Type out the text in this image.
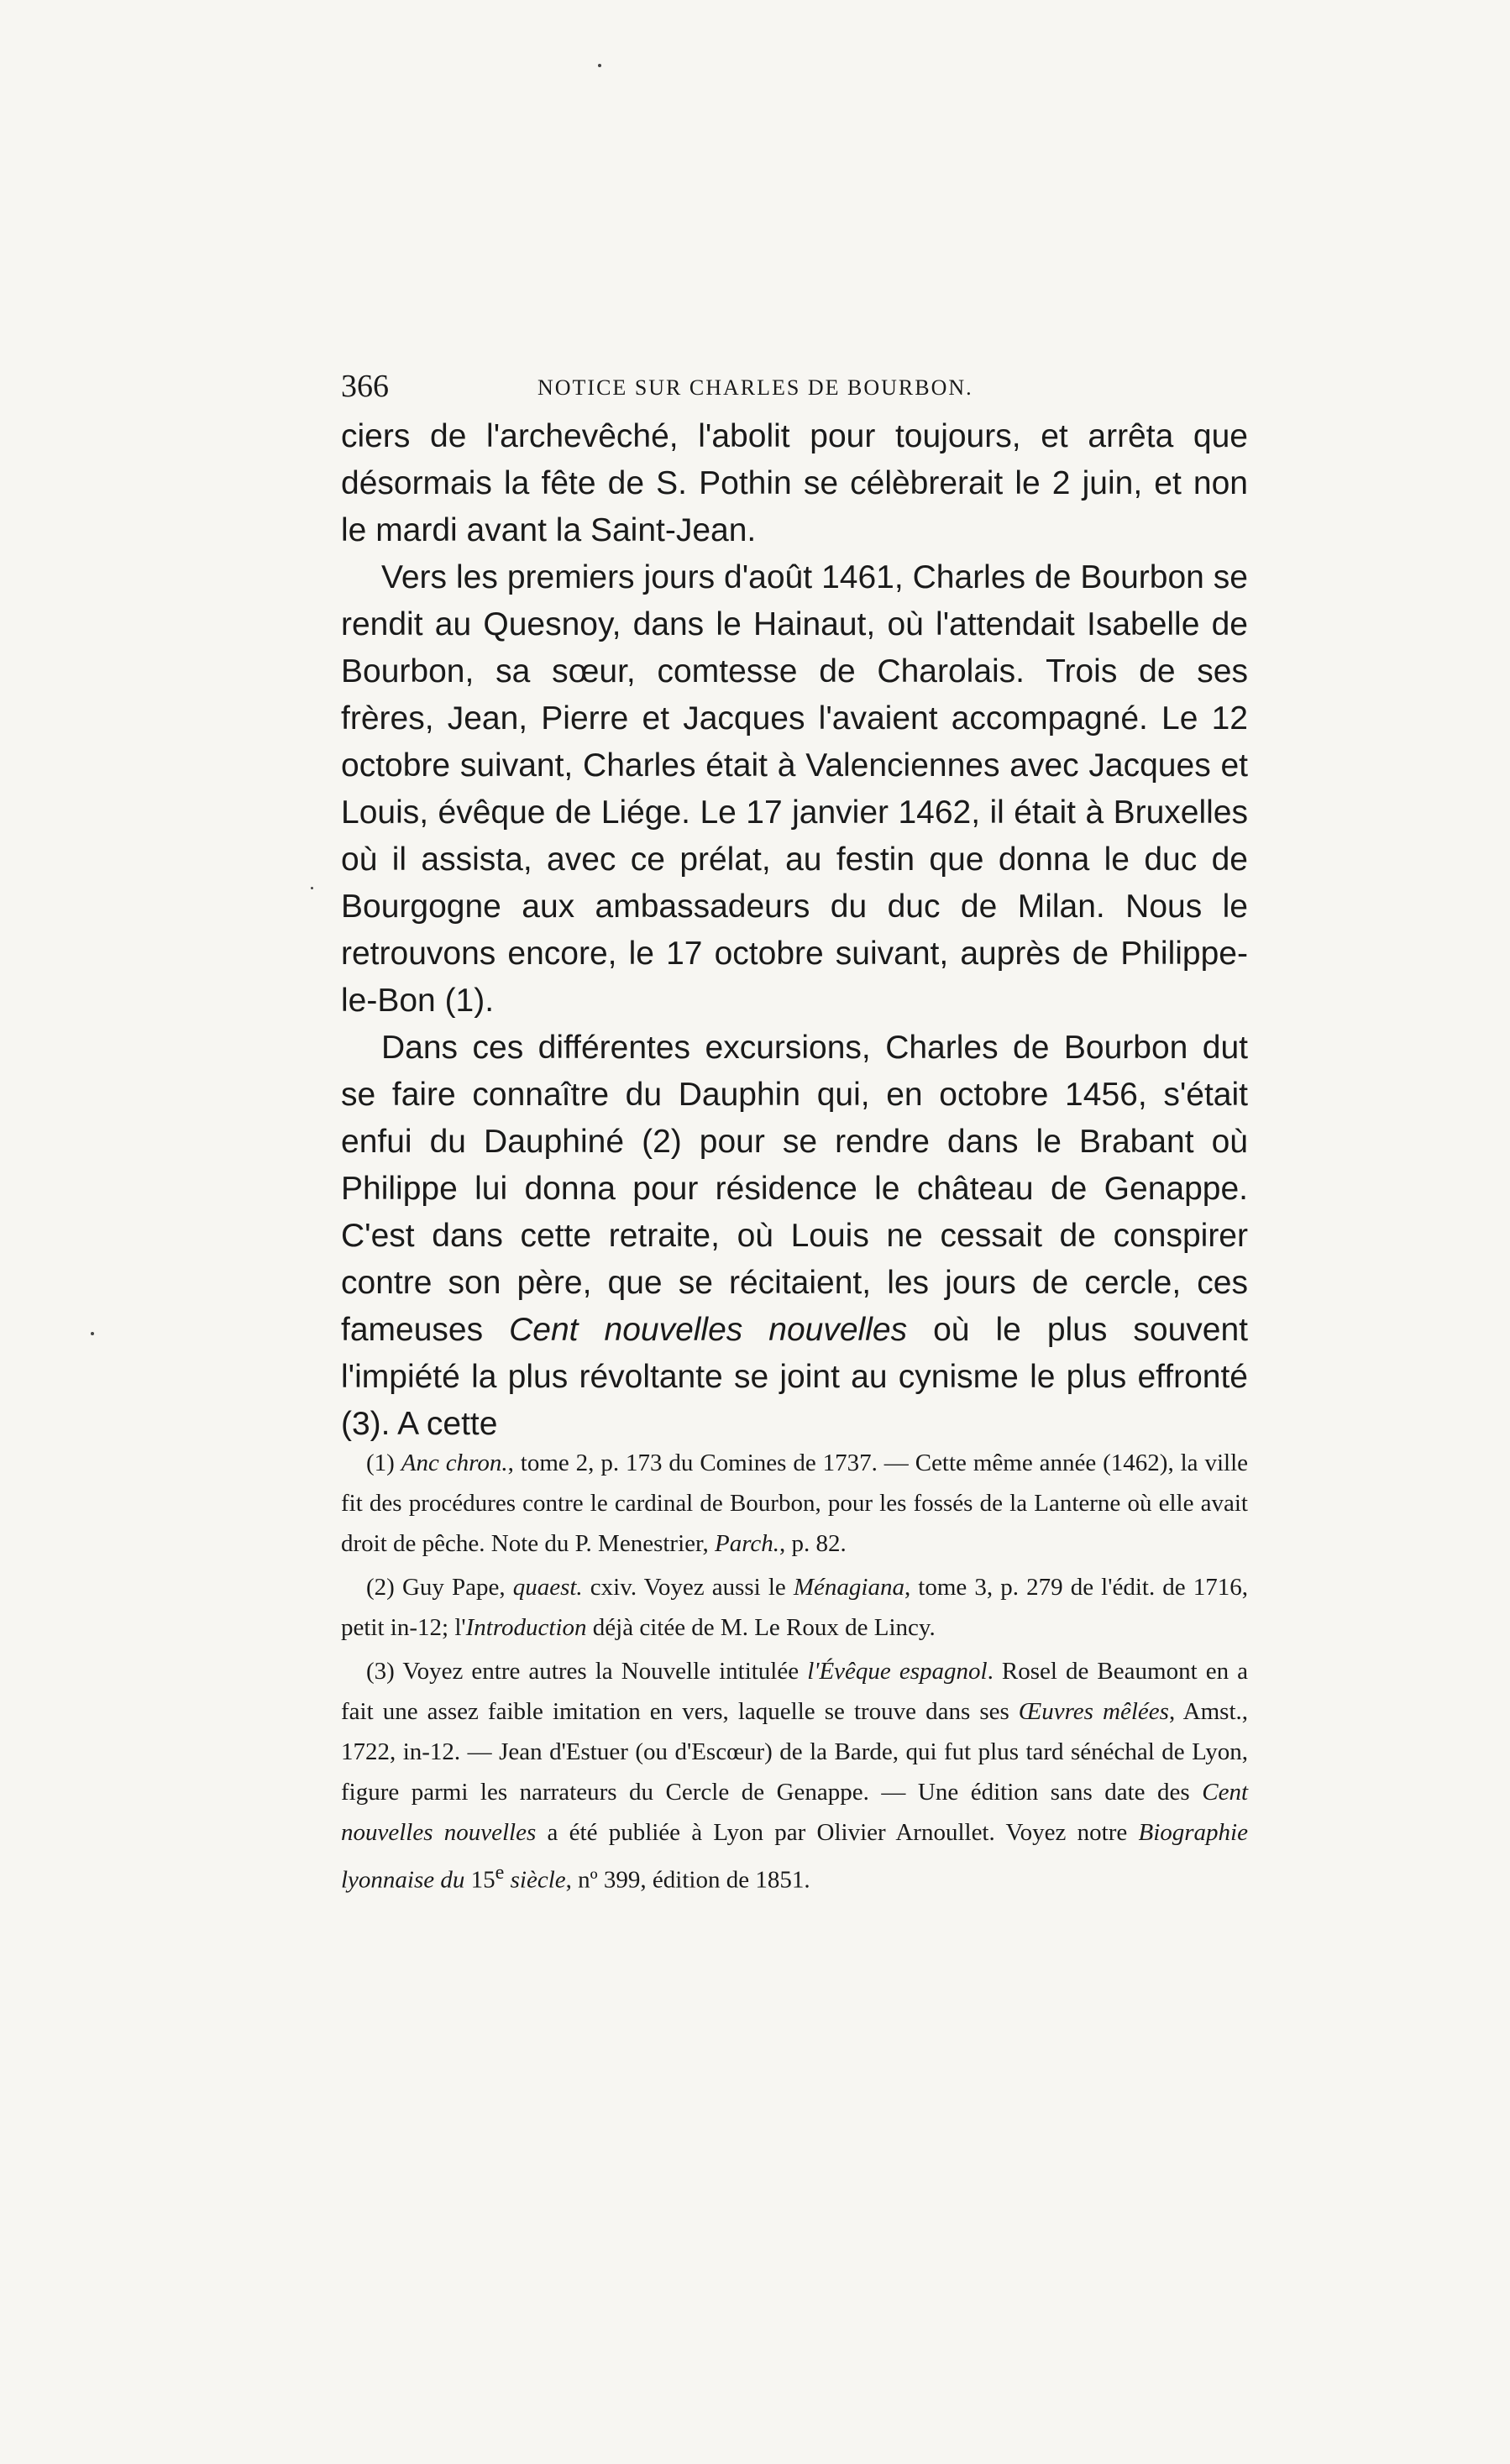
366	NOTICE SUR CHARLES DE BOURBON.

ciers de l'archevêché, l'abolit pour toujours, et arrêta que désormais la fête de S. Pothin se célèbrerait le 2 juin, et non le mardi avant la Saint-Jean.

Vers les premiers jours d'août 1461, Charles de Bourbon se rendit au Quesnoy, dans le Hainaut, où l'attendait Isabelle de Bourbon, sa sœur, comtesse de Charolais. Trois de ses frères, Jean, Pierre et Jacques l'avaient accompagné. Le 12 octobre suivant, Charles était à Valenciennes avec Jacques et Louis, évêque de Liége. Le 17 janvier 1462, il était à Bruxelles où il assista, avec ce prélat, au festin que donna le duc de Bourgogne aux ambassadeurs du duc de Milan. Nous le retrouvons encore, le 17 octobre suivant, auprès de Philippe-le-Bon (1).

Dans ces différentes excursions, Charles de Bourbon dut se faire connaître du Dauphin qui, en octobre 1456, s'était enfui du Dauphiné (2) pour se rendre dans le Brabant où Philippe lui donna pour résidence le château de Genappe. C'est dans cette retraite, où Louis ne cessait de conspirer contre son père, que se récitaient, les jours de cercle, ces fameuses Cent nouvelles nouvelles où le plus souvent l'impiété la plus révoltante se joint au cynisme le plus effronté (3). A cette

(1) Anc chron., tome 2, p. 173 du Comines de 1737. — Cette même année (1462), la ville fit des procédures contre le cardinal de Bourbon, pour les fossés de la Lanterne où elle avait droit de pêche. Note du P. Menestrier, Parch., p. 82.

(2) Guy Pape, quaest. cxiv. Voyez aussi le Ménagiana, tome 3, p. 279 de l'édit. de 1716, petit in-12; l'Introduction déjà citée de M. Le Roux de Lincy.

(3) Voyez entre autres la Nouvelle intitulée l'Évêque espagnol. Rosel de Beaumont en a fait une assez faible imitation en vers, laquelle se trouve dans ses Œuvres mêlées, Amst., 1722, in-12. — Jean d'Estuer (ou d'Escœur) de la Barde, qui fut plus tard sénéchal de Lyon, figure parmi les narrateurs du Cercle de Genappe. — Une édition sans date des Cent nouvelles nouvelles a été publiée à Lyon par Olivier Arnoullet. Voyez notre Biographie lyonnaise du 15e siècle, nº 399, édition de 1851.
